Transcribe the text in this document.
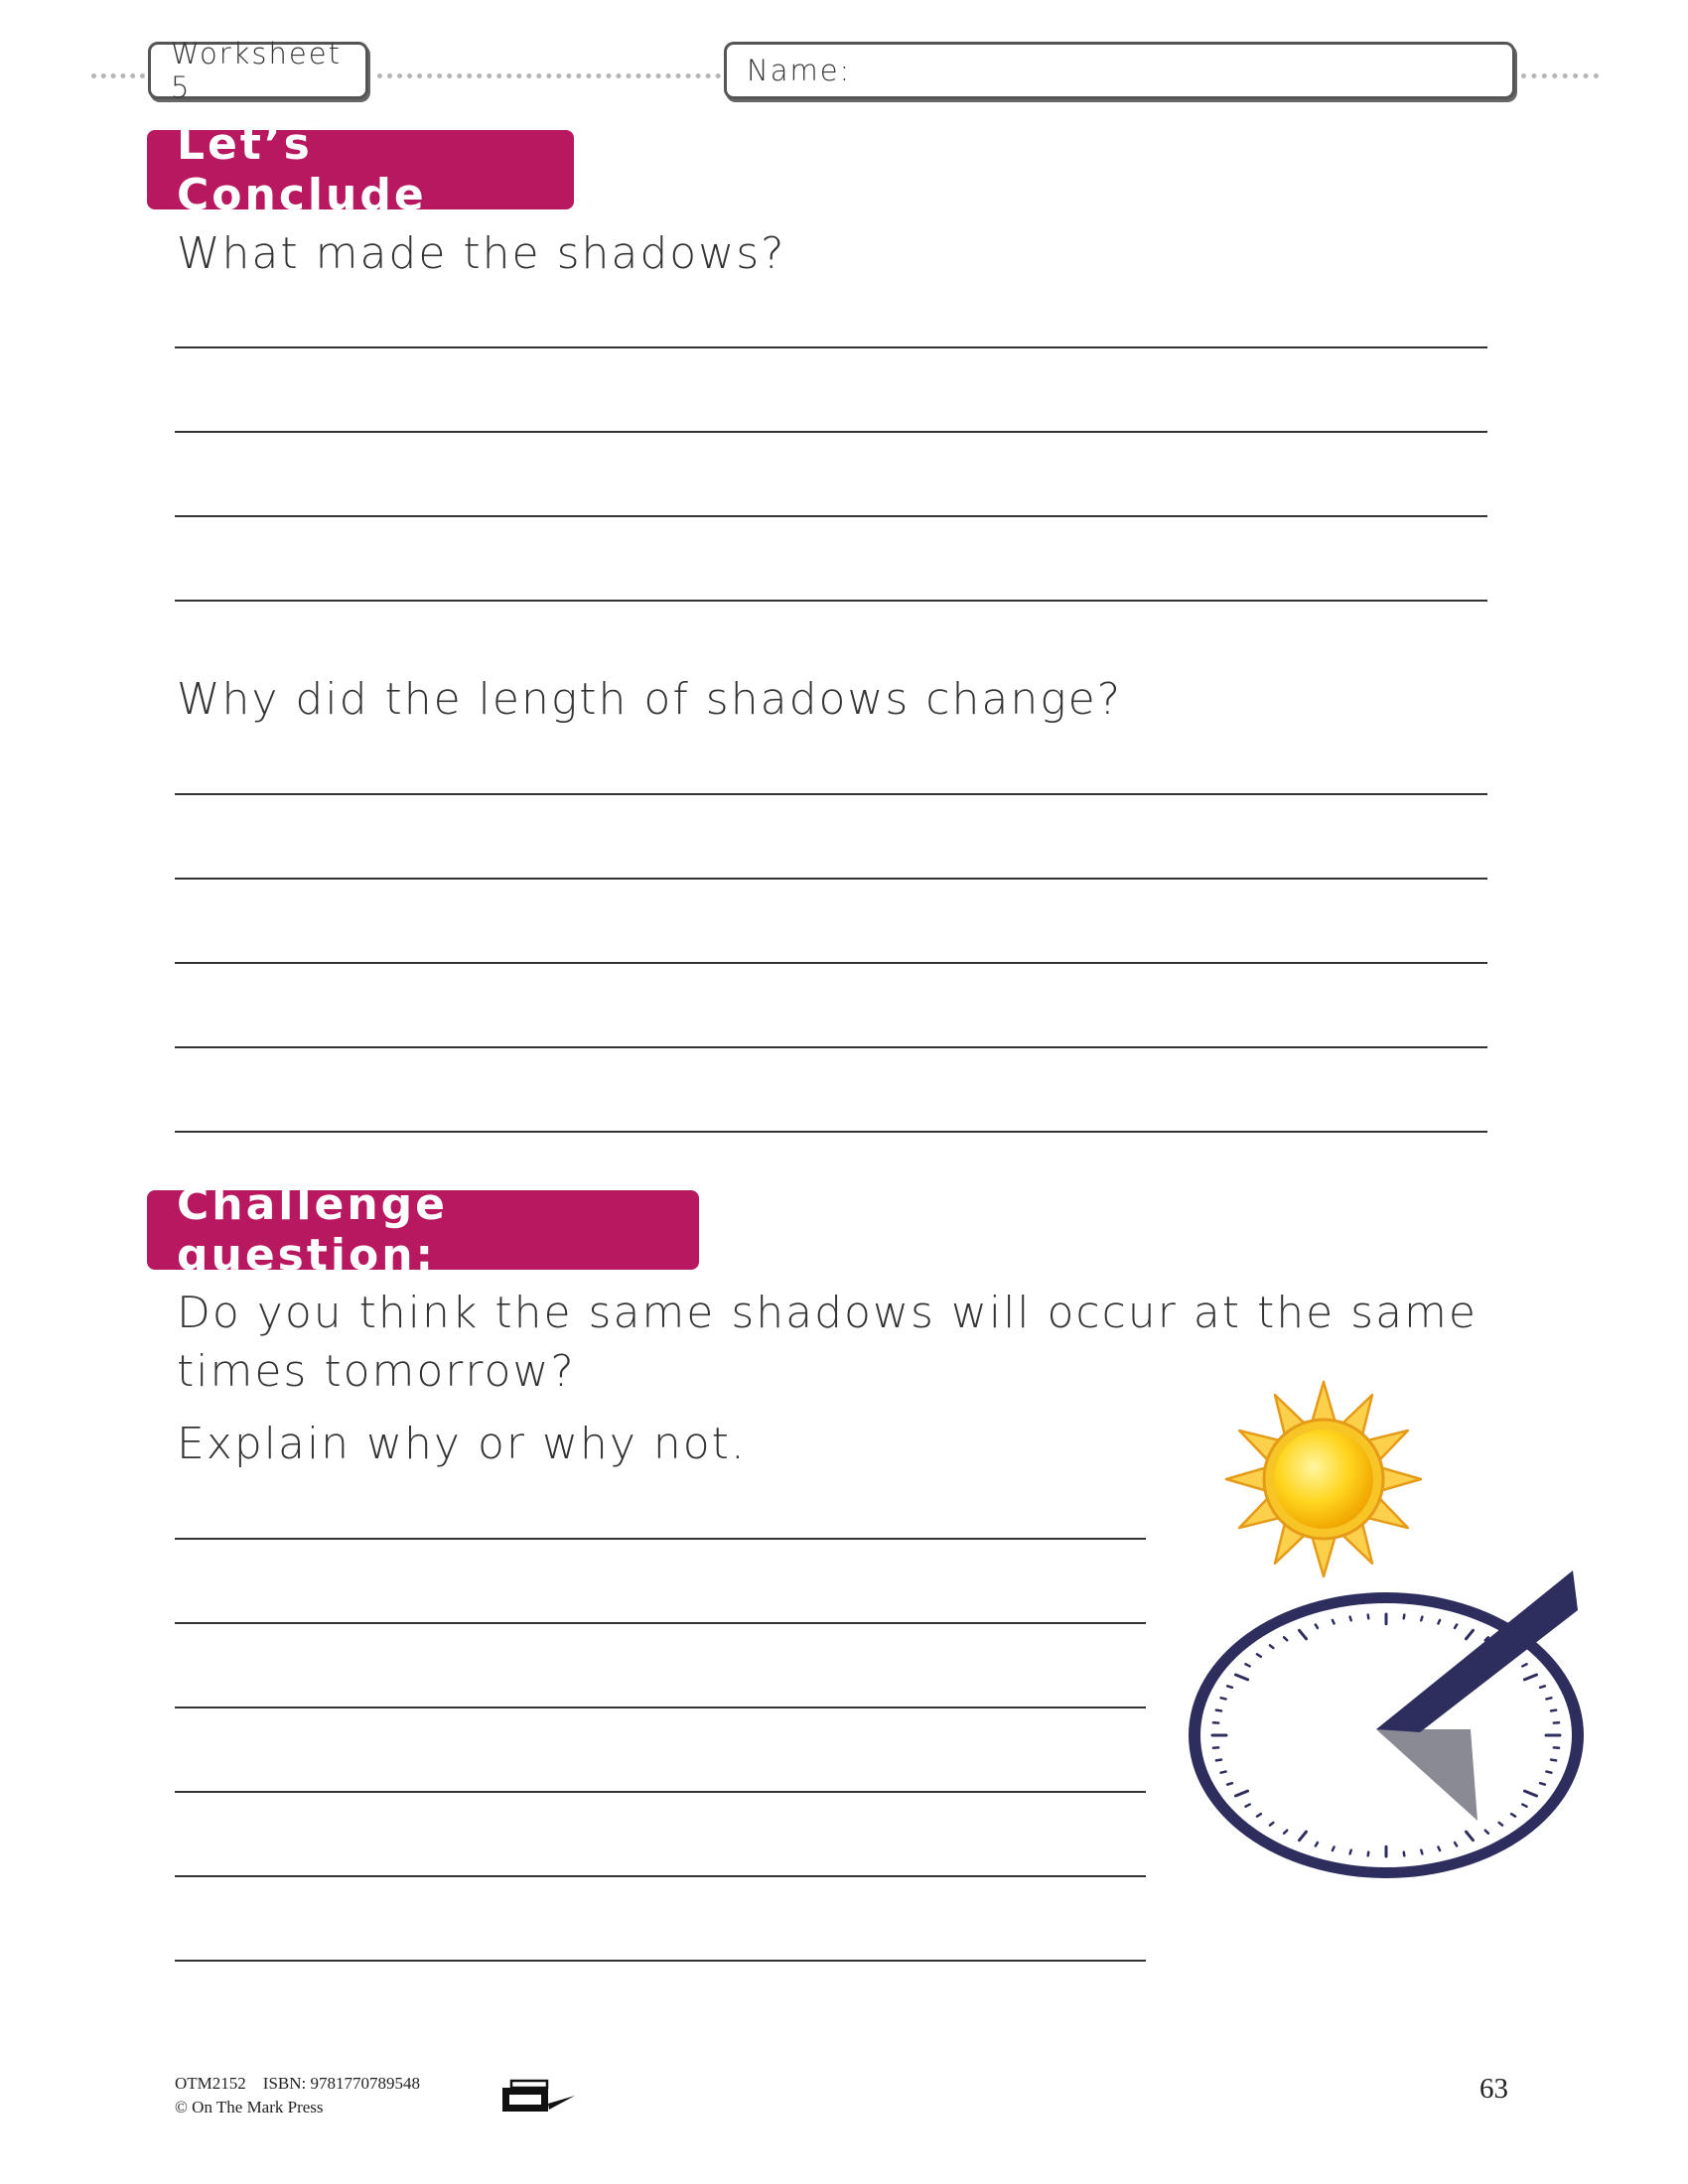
Worksheet 5	Name:
Let’s Conclude
What made the shadows?
Why did the length of shadows change?
Challenge question:
Do you think the same shadows will occur at the same
times tomorrow?
Explain why or why not.
OTM2152    ISBN: 9781770789548
© On The Mark Press
63
